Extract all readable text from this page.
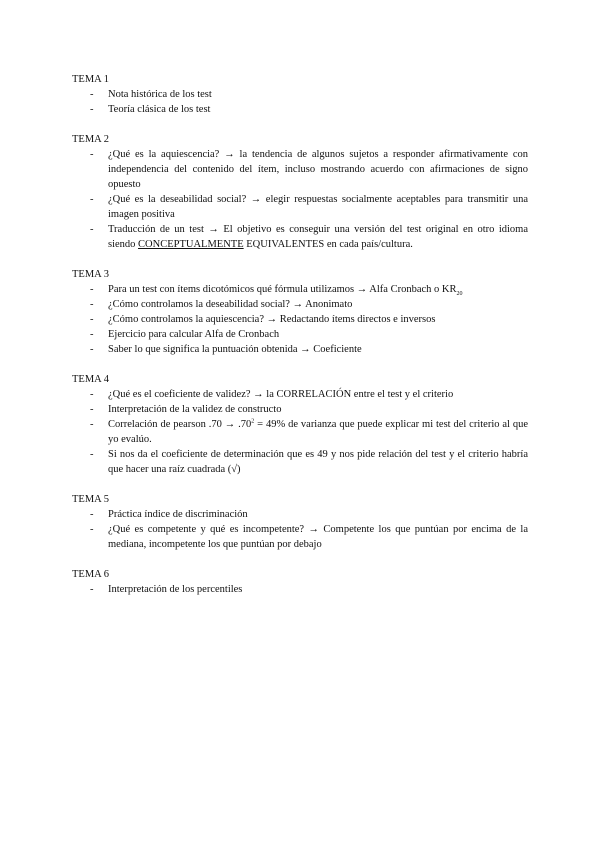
TEMA 1

- Nota histórica de los test
- Teoría clásica de los test

TEMA 2

- ¿Qué es la aquiescencia? → la tendencia de algunos sujetos a responder afirmativamente con independencia del contenido del ítem, incluso mostrando acuerdo con afirmaciones de signo opuesto
- ¿Qué es la deseabilidad social? → elegir respuestas socialmente aceptables para transmitir una imagen positiva
- Traducción de un test → El objetivo es conseguir una versión del test original en otro idioma siendo CONCEPTUALMENTE EQUIVALENTES en cada país/cultura.

TEMA 3

- Para un test con ítems dicotómicos qué fórmula utilizamos → Alfa Cronbach o $KR_{20}$
- ¿Cómo controlamos la deseabilidad social? → Anonimato
- ¿Cómo controlamos la aquiescencia? → Redactando ítems directos e inversos
- Ejercicio para calcular Alfa de Cronbach
- Saber lo que significa la puntuación obtenida → Coeficiente

TEMA 4

- ¿Qué es el coeficiente de validez? → la CORRELACIÓN entre el test y el criterio
- Interpretación de la validez de constructo
- Correlación de pearson $.70 \to .70^2 = 49\%$ de varianza que puede explicar mi test del criterio al que yo evalúo.
- Si nos da el coeficiente de determinación que es 49 y nos pide relación del test y el criterio habría que hacer una raíz cuadrada (√)

TEMA 5

- Práctica índice de discriminación
- ¿Qué es competente y qué es incompetente? → Competente los que puntúan por encima de la mediana, incompetente los que puntúan por debajo

TEMA 6

- Interpretación de los percentiles
